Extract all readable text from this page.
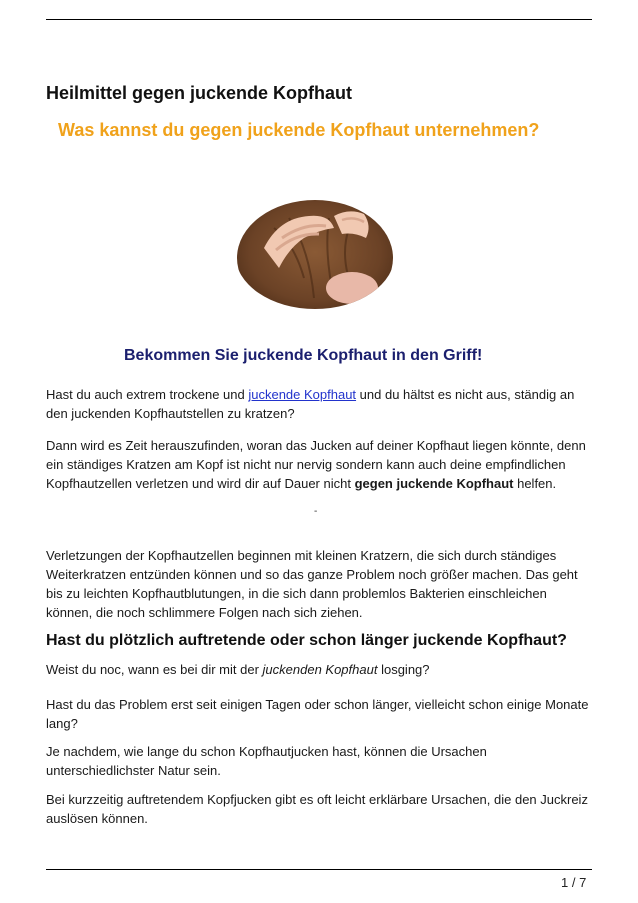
Heilmittel gegen juckende Kopfhaut
Was kannst du gegen juckende Kopfhaut unternehmen?
Bekommen Sie juckende Kopfhaut in den Griff!

Hast du auch extrem trockene und juckende Kopfhaut und du hältst es nicht aus, ständig an den juckenden Kopfhautstellen zu kratzen?

Dann wird es Zeit herauszufinden, woran das Jucken auf deiner Kopfhaut liegen könnte, denn ein ständiges Kratzen am Kopf ist nicht nur nervig sondern kann auch deine empfindlichen Kopfhautzellen verletzen und wird dir auf Dauer nicht gegen juckende Kopfhaut helfen.

-

Verletzungen der Kopfhautzellen beginnen mit kleinen Kratzern, die sich durch ständiges Weiterkratzen entzünden können und so das ganze Problem noch größer machen. Das geht bis zu leichten Kopfhautblutungen, in die sich dann problemlos Bakterien einschleichen können, die noch schlimmere Folgen nach sich ziehen.

Hast du plötzlich auftretende oder schon länger juckende Kopfhaut?

Weist du noc, wann es bei dir mit der juckenden Kopfhaut losging?

Hast du das Problem erst seit einigen Tagen oder schon länger, vielleicht schon einige Monate lang?

Je nachdem, wie lange du schon Kopfhautjucken hast, können die Ursachen unterschiedlichster Natur sein.

Bei kurzzeitig auftretendem Kopfjucken gibt es oft leicht erklärbare Ursachen, die den Juckreiz auslösen können.

1 / 7
